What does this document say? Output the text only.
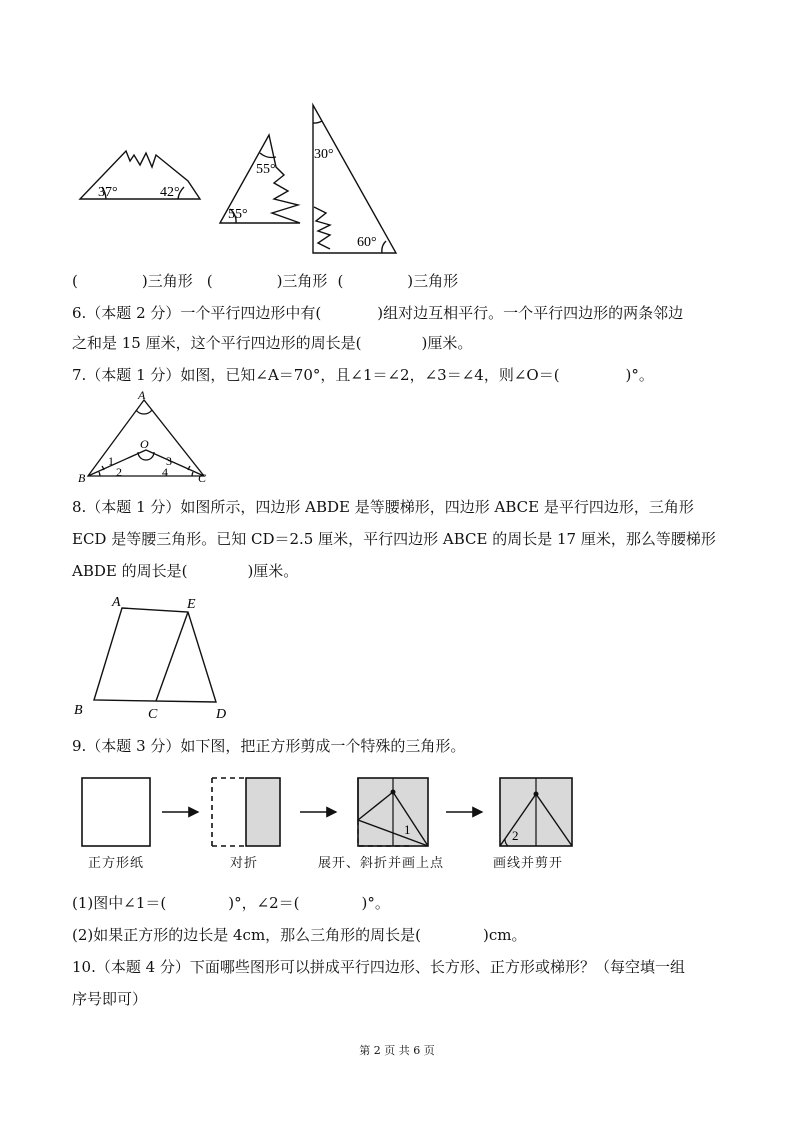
37°	42°
55°
55°
30°
60°
(	)三角形 (	)三角形 (	)三角形
6.（本题 2 分）一个平行四边形中有(	)组对边互相平行。一个平行四边形的两条邻边
之和是 15 厘米，这个平行四边形的周长是(	)厘米。
7.（本题 1 分）如图，已知∠A＝70°，且∠1＝∠2，∠3＝∠4，则∠O＝(	)°。
A
O
B	C
1
2
3
4
8.（本题 1 分）如图所示，四边形 ABDE 是等腰梯形，四边形 ABCE 是平行四边形，三角形
ECD 是等腰三角形。已知 CD＝2.5 厘米，平行四边形 ABCE 的周长是 17 厘米，那么等腰梯形
ABDE 的周长是(	)厘米。
A	E
B	C	D
9.（本题 3 分）如下图，把正方形剪成一个特殊的三角形。
1	2
正方形纸	对折	展开、斜折并画上点	画线并剪开
(1)图中∠1＝(	)°，∠2＝(	)°。
(2)如果正方形的边长是 4cm，那么三角形的周长是(	)cm。
10.（本题 4 分）下面哪些图形可以拼成平行四边形、长方形、正方形或梯形？（每空填一组
序号即可）
第 2 页 共 6 页
